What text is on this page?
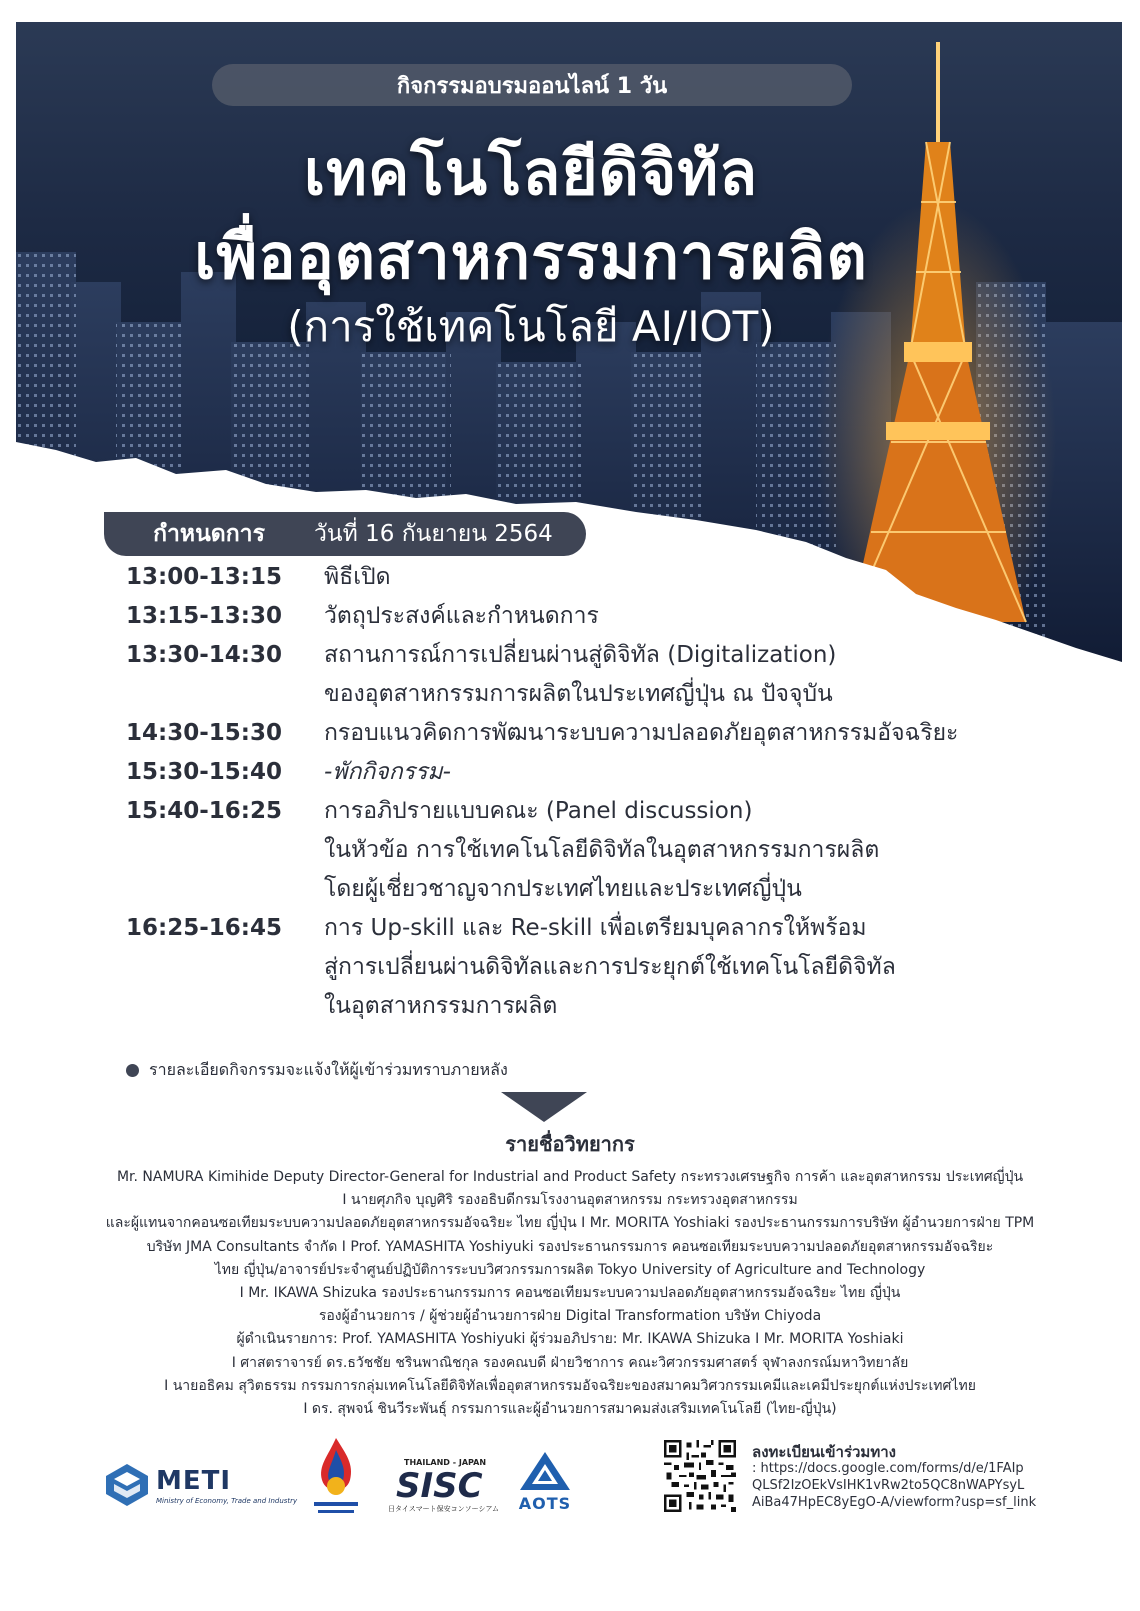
กิจกรรมอบรมออนไลน์ 1 วัน
เทคโนโลยีดิจิทัล
เพื่ออุตสาหกรรมการผลิต
(การใช้เทคโนโลยี AI/IOT)
กำหนดการ	วันที่ 16 กันยายน 2564
13:00-13:15	พิธีเปิด
13:15-13:30	วัตถุประสงค์และกำหนดการ
13:30-14:30	สถานการณ์การเปลี่ยนผ่านสู่ดิจิทัล (Digitalization)
ของอุตสาหกรรมการผลิตในประเทศญี่ปุ่น ณ ปัจจุบัน
14:30-15:30	กรอบแนวคิดการพัฒนาระบบความปลอดภัยอุตสาหกรรมอัจฉริยะ
15:30-15:40	-พักกิจกรรม-
15:40-16:25	การอภิปรายแบบคณะ (Panel discussion)
ในหัวข้อ การใช้เทคโนโลยีดิจิทัลในอุตสาหกรรมการผลิต
โดยผู้เชี่ยวชาญจากประเทศไทยและประเทศญี่ปุ่น
16:25-16:45	การ Up-skill และ Re-skill เพื่อเตรียมบุคลากรให้พร้อม
สู่การเปลี่ยนผ่านดิจิทัลและการประยุกต์ใช้เทคโนโลยีดิจิทัล
ในอุตสาหกรรมการผลิต
รายละเอียดกิจกรรมจะแจ้งให้ผู้เข้าร่วมทราบภายหลัง
รายชื่อวิทยากร
Mr. NAMURA Kimihide Deputy Director-General for Industrial and Product Safety กระทรวงเศรษฐกิจ การค้า และอุตสาหกรรม ประเทศญี่ปุ่น
I นายศุภกิจ บุญศิริ รองอธิบดีกรมโรงงานอุตสาหกรรม กระทรวงอุตสาหกรรม
และผู้แทนจากคอนซอเทียมระบบความปลอดภัยอุตสาหกรรมอัจฉริยะ ไทย ญี่ปุ่น I Mr. MORITA Yoshiaki รองประธานกรรมการบริษัท ผู้อำนวยการฝ่าย TPM
บริษัท JMA Consultants จำกัด I Prof. YAMASHITA Yoshiyuki รองประธานกรรมการ คอนซอเทียมระบบความปลอดภัยอุตสาหกรรมอัจฉริยะ
ไทย ญี่ปุ่น/อาจารย์ประจำศูนย์ปฏิบัติการระบบวิศวกรรมการผลิต Tokyo University of Agriculture and Technology
I Mr. IKAWA Shizuka รองประธานกรรมการ คอนซอเทียมระบบความปลอดภัยอุตสาหกรรมอัจฉริยะ ไทย ญี่ปุ่น
รองผู้อำนวยการ / ผู้ช่วยผู้อำนวยการฝ่าย Digital Transformation บริษัท Chiyoda
ผู้ดำเนินรายการ: Prof. YAMASHITA Yoshiyuki ผู้ร่วมอภิปราย: Mr. IKAWA Shizuka I Mr. MORITA Yoshiaki
I ศาสตราจารย์ ดร.ธวัชชัย ชรินพาณิชกุล รองคณบดี ฝ่ายวิชาการ คณะวิศวกรรมศาสตร์ จุฬาลงกรณ์มหาวิทยาลัย
I นายอธิคม สุวิตธรรม กรรมการกลุ่มเทคโนโลยีดิจิทัลเพื่ออุตสาหกรรมอัจฉริยะของสมาคมวิศวกรรมเคมีและเคมีประยุกต์แห่งประเทศไทย
I ดร. สุพจน์ ชินวีระพันธุ์ กรรมการและผู้อำนวยการสมาคมส่งเสริมเทคโนโลยี (ไทย-ญี่ปุ่น)
METI
Ministry of Economy, Trade and Industry
THAILAND - JAPAN
SISC
日タイスマート保安コンソーシアム	AOTS
ลงทะเบียนเข้าร่วมทาง
: https://docs.google.com/forms/d/e/1FAIp
QLSf2IzOEkVsIHK1vRw2to5QC8nWAPYsyL
AiBa47HpEC8yEgO-A/viewform?usp=sf_link
